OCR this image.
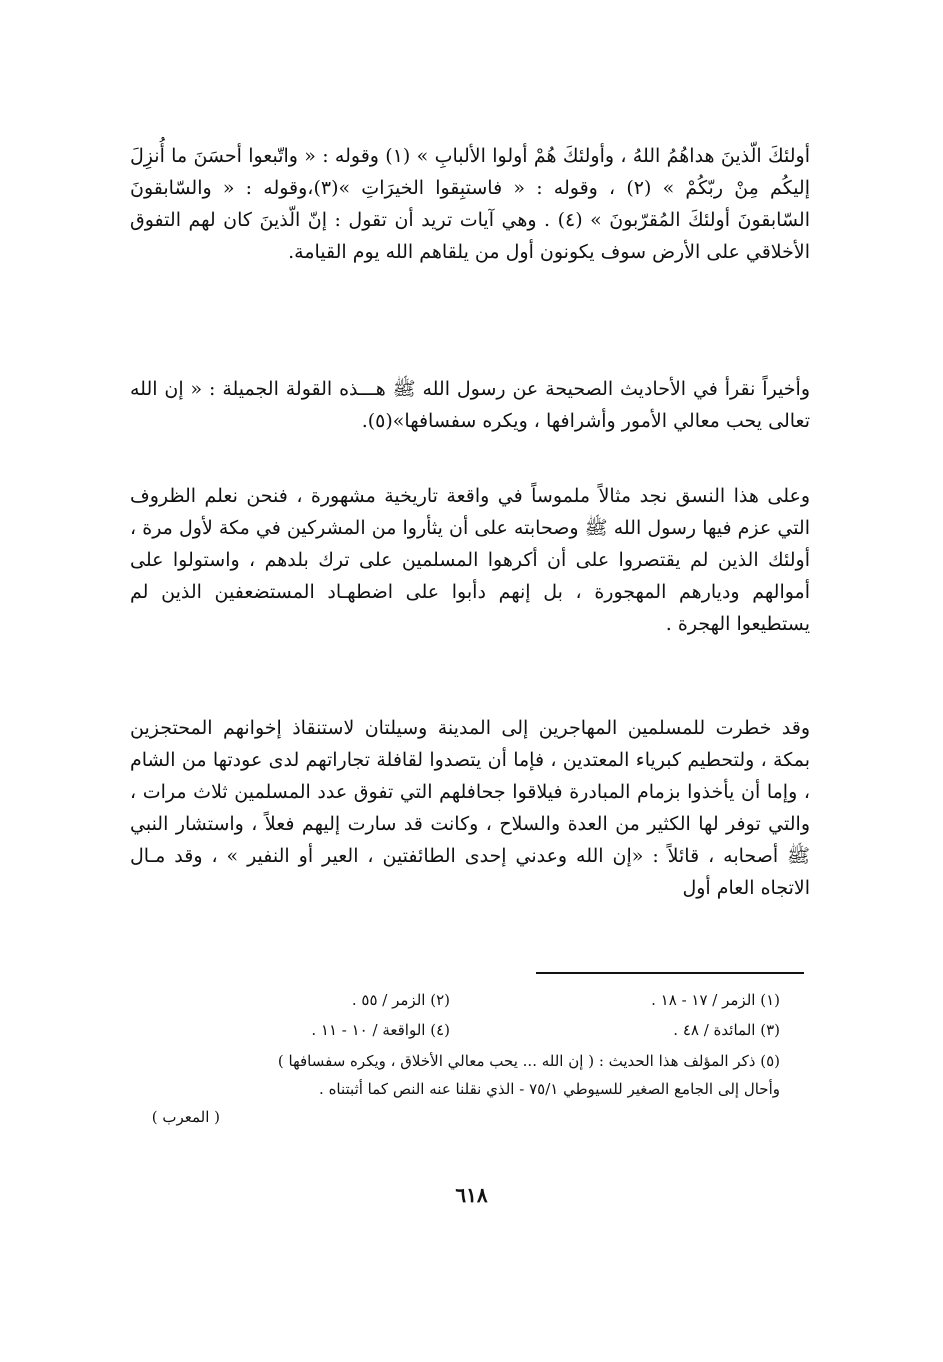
أولئكَ الّذينَ هداهُمُ اللهُ ، وأولئكَ هُمْ أولوا الألبابِ » (١) وقوله : « واتّبعوا أحسَنَ ما أُنزِلَ إليكُم مِنْ ربّكُمْ » (٢) ، وقوله : « فاستبِقوا الخيرَاتِ »(٣)،وقوله : « والسّابقونَ السّابقونَ أولئكَ المُقرّبونَ » (٤) . وهي آيات تريد أن تقول : إنّ الّذينَ كان لهم التفوق الأخلاقي على الأرض سوف يكونون أول من يلقاهم الله يوم القيامة.

وأخيراً نقرأ في الأحاديث الصحيحة عن رسول الله ﷺ هـــذه القولة الجميلة : « إن الله تعالى يحب معالي الأمور وأشرافها ، ويكره سفسافها»(٥).

وعلى هذا النسق نجد مثالاً ملموساً في واقعة تاريخية مشهورة ، فنحن نعلم الظروف التي عزم فيها رسول الله ﷺ وصحابته على أن يثأروا من المشركين في مكة لأول مرة ، أولئك الذين لم يقتصروا على أن أكرهوا المسلمين على ترك بلدهم ، واستولوا على أموالهم وديارهم المهجورة ، بل إنهم دأبوا على اضطهـاد المستضعفين الذين لم يستطيعوا الهجرة .

وقد خطرت للمسلمين المهاجرين إلى المدينة وسيلتان لاستنقاذ إخوانهم المحتجزين بمكة ، ولتحطيم كبرياء المعتدين ، فإما أن يتصدوا لقافلة تجاراتهم لدى عودتها من الشام ، وإما أن يأخذوا بزمام المبادرة فيلاقوا جحافلهم التي تفوق عدد المسلمين ثلاث مرات ، والتي توفر لها الكثير من العدة والسلاح ، وكانت قد سارت إليهم فعلاً ، واستشار النبي ﷺ أصحابه ، قائلاً : «إن الله وعدني إحدى الطائفتين ، العير أو النفير » ، وقد مـال الاتجاه العام أول

(١) الزمر / ١٧ - ١٨ .
(٢) الزمر / ٥٥ .
(٣) المائدة / ٤٨ .
(٤) الواقعة / ١٠ - ١١ .

(٥) ذكر المؤلف هذا الحديث : ( إن الله ... يحب معالي الأخلاق ، ويكره سفسافها )

وأحال إلى الجامع الصغير للسيوطي ٧٥/١ - الذي نقلنا عنه النص كما أثبتناه .

( المعرب )

٦١٨
